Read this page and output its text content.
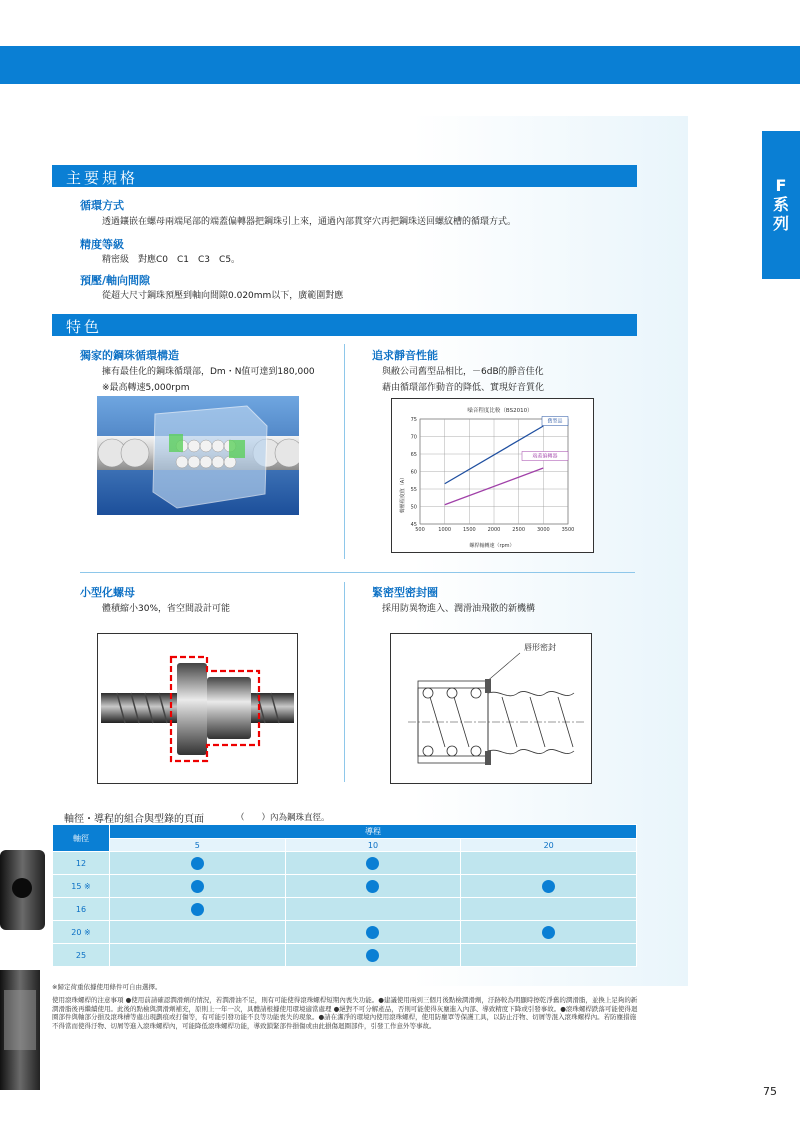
F
系
列
主要規格
循環方式
透過鑲嵌在螺母兩端尾部的端蓋偏轉器把鋼珠引上來，通過內部貫穿穴再把鋼珠送回螺紋槽的循環方式。
精度等級
精密級　對應C0　C1　C3　C5。
預壓/軸向間隙
從超大尺寸鋼珠預壓到軸向間隙0.020mm以下，廣範圍對應
特色
獨家的鋼珠循環構造
擁有最佳化的鋼珠循環部，Dm・N值可達到180,000
※最高轉速5,000rpm
追求靜音性能
與敝公司舊型品相比，－6dB的靜音佳化
藉由循環部作動音的降低、實現好音質化
噪音程度比較（BS2010）
聲壓程度值（A）
螺桿軸轉速（rpm）
500	1000 1500 2000 2500 3000 3500
45
50
55
60
65
70
75	舊型品
端蓋偏轉器
小型化螺母
體積縮小30%，省空間設計可能
緊密型密封圈
採用防異物進入、潤滑油飛散的新機構
唇形密封
軸徑・導程的組合與型錄的頁面	（　　）內為鋼珠直徑。
軸徑	導程		
	5	10	20
12			
15 ※			
16			
20 ※			
25			
※歸定荷重依據使用條件可自由選擇。
使用滾珠螺桿的注意事項 ●使用前請確認潤滑劑的情況，若潤滑油不足，則有可能使得滾珠螺桿短期內喪失功能。●建議使用兩到三個月後點檢潤滑劑，汙跡較為明顯時擦乾淨舊的潤滑脂，並換上足夠的新潤滑脂後再繼續使用。此後的點檢與潤滑劑補充，原則上一年一次，具體請根據使用環境適當處理 ●絕對不可分解產品，否則可能使得灰塵進入內部、導致精度下降或引發事故。●滾珠螺桿跌落可能使得迴圈部件與軸部分損及滾珠槽等處出現劃痕或打傷等，有可能引發功能不良等功能喪失的現象。●請在潔淨的環境內使用滾珠螺桿，使用防塵罩等保護工具，以防止汙物、切屑等混入滾珠螺桿內。若防塵措施不得當而使得汙物、切屑等進入滾珠螺桿內，可能降低滾珠螺桿功能，導致鎖緊部件損傷或由此損傷迴圈部件，引發工作意外等事故。
75
